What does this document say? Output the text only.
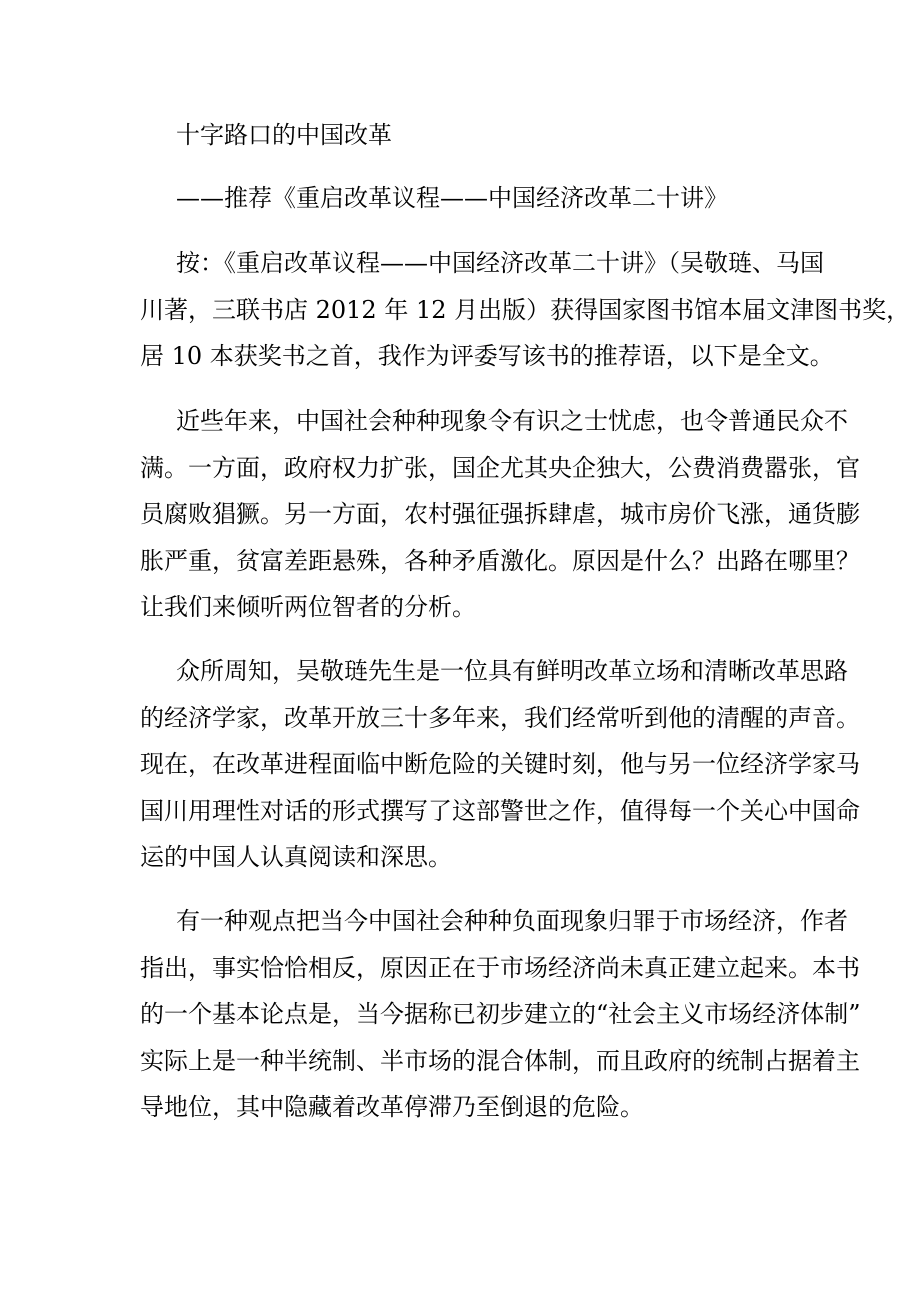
十字路口的中国改革
——推荐《重启改革议程——中国经济改革二十讲》
按：《重启改革议程——中国经济改革二十讲》（吴敬琏、马国
川著，三联书店 2012 年 12 月出版）获得国家图书馆本届文津图书奖，
居 10 本获奖书之首，我作为评委写该书的推荐语，以下是全文。
近些年来，中国社会种种现象令有识之士忧虑，也令普通民众不
满。一方面，政府权力扩张，国企尤其央企独大，公费消费嚣张，官
员腐败猖獗。另一方面，农村强征强拆肆虐，城市房价飞涨，通货膨
胀严重，贫富差距悬殊，各种矛盾激化。原因是什么？出路在哪里？
让我们来倾听两位智者的分析。
众所周知，吴敬琏先生是一位具有鲜明改革立场和清晰改革思路
的经济学家，改革开放三十多年来，我们经常听到他的清醒的声音。
现在，在改革进程面临中断危险的关键时刻，他与另一位经济学家马
国川用理性对话的形式撰写了这部警世之作，值得每一个关心中国命
运的中国人认真阅读和深思。
有一种观点把当今中国社会种种负面现象归罪于市场经济，作者
指出，事实恰恰相反，原因正在于市场经济尚未真正建立起来。本书
的一个基本论点是，当今据称已初步建立的“社会主义市场经济体制”
实际上是一种半统制、半市场的混合体制，而且政府的统制占据着主
导地位，其中隐藏着改革停滞乃至倒退的危险。
